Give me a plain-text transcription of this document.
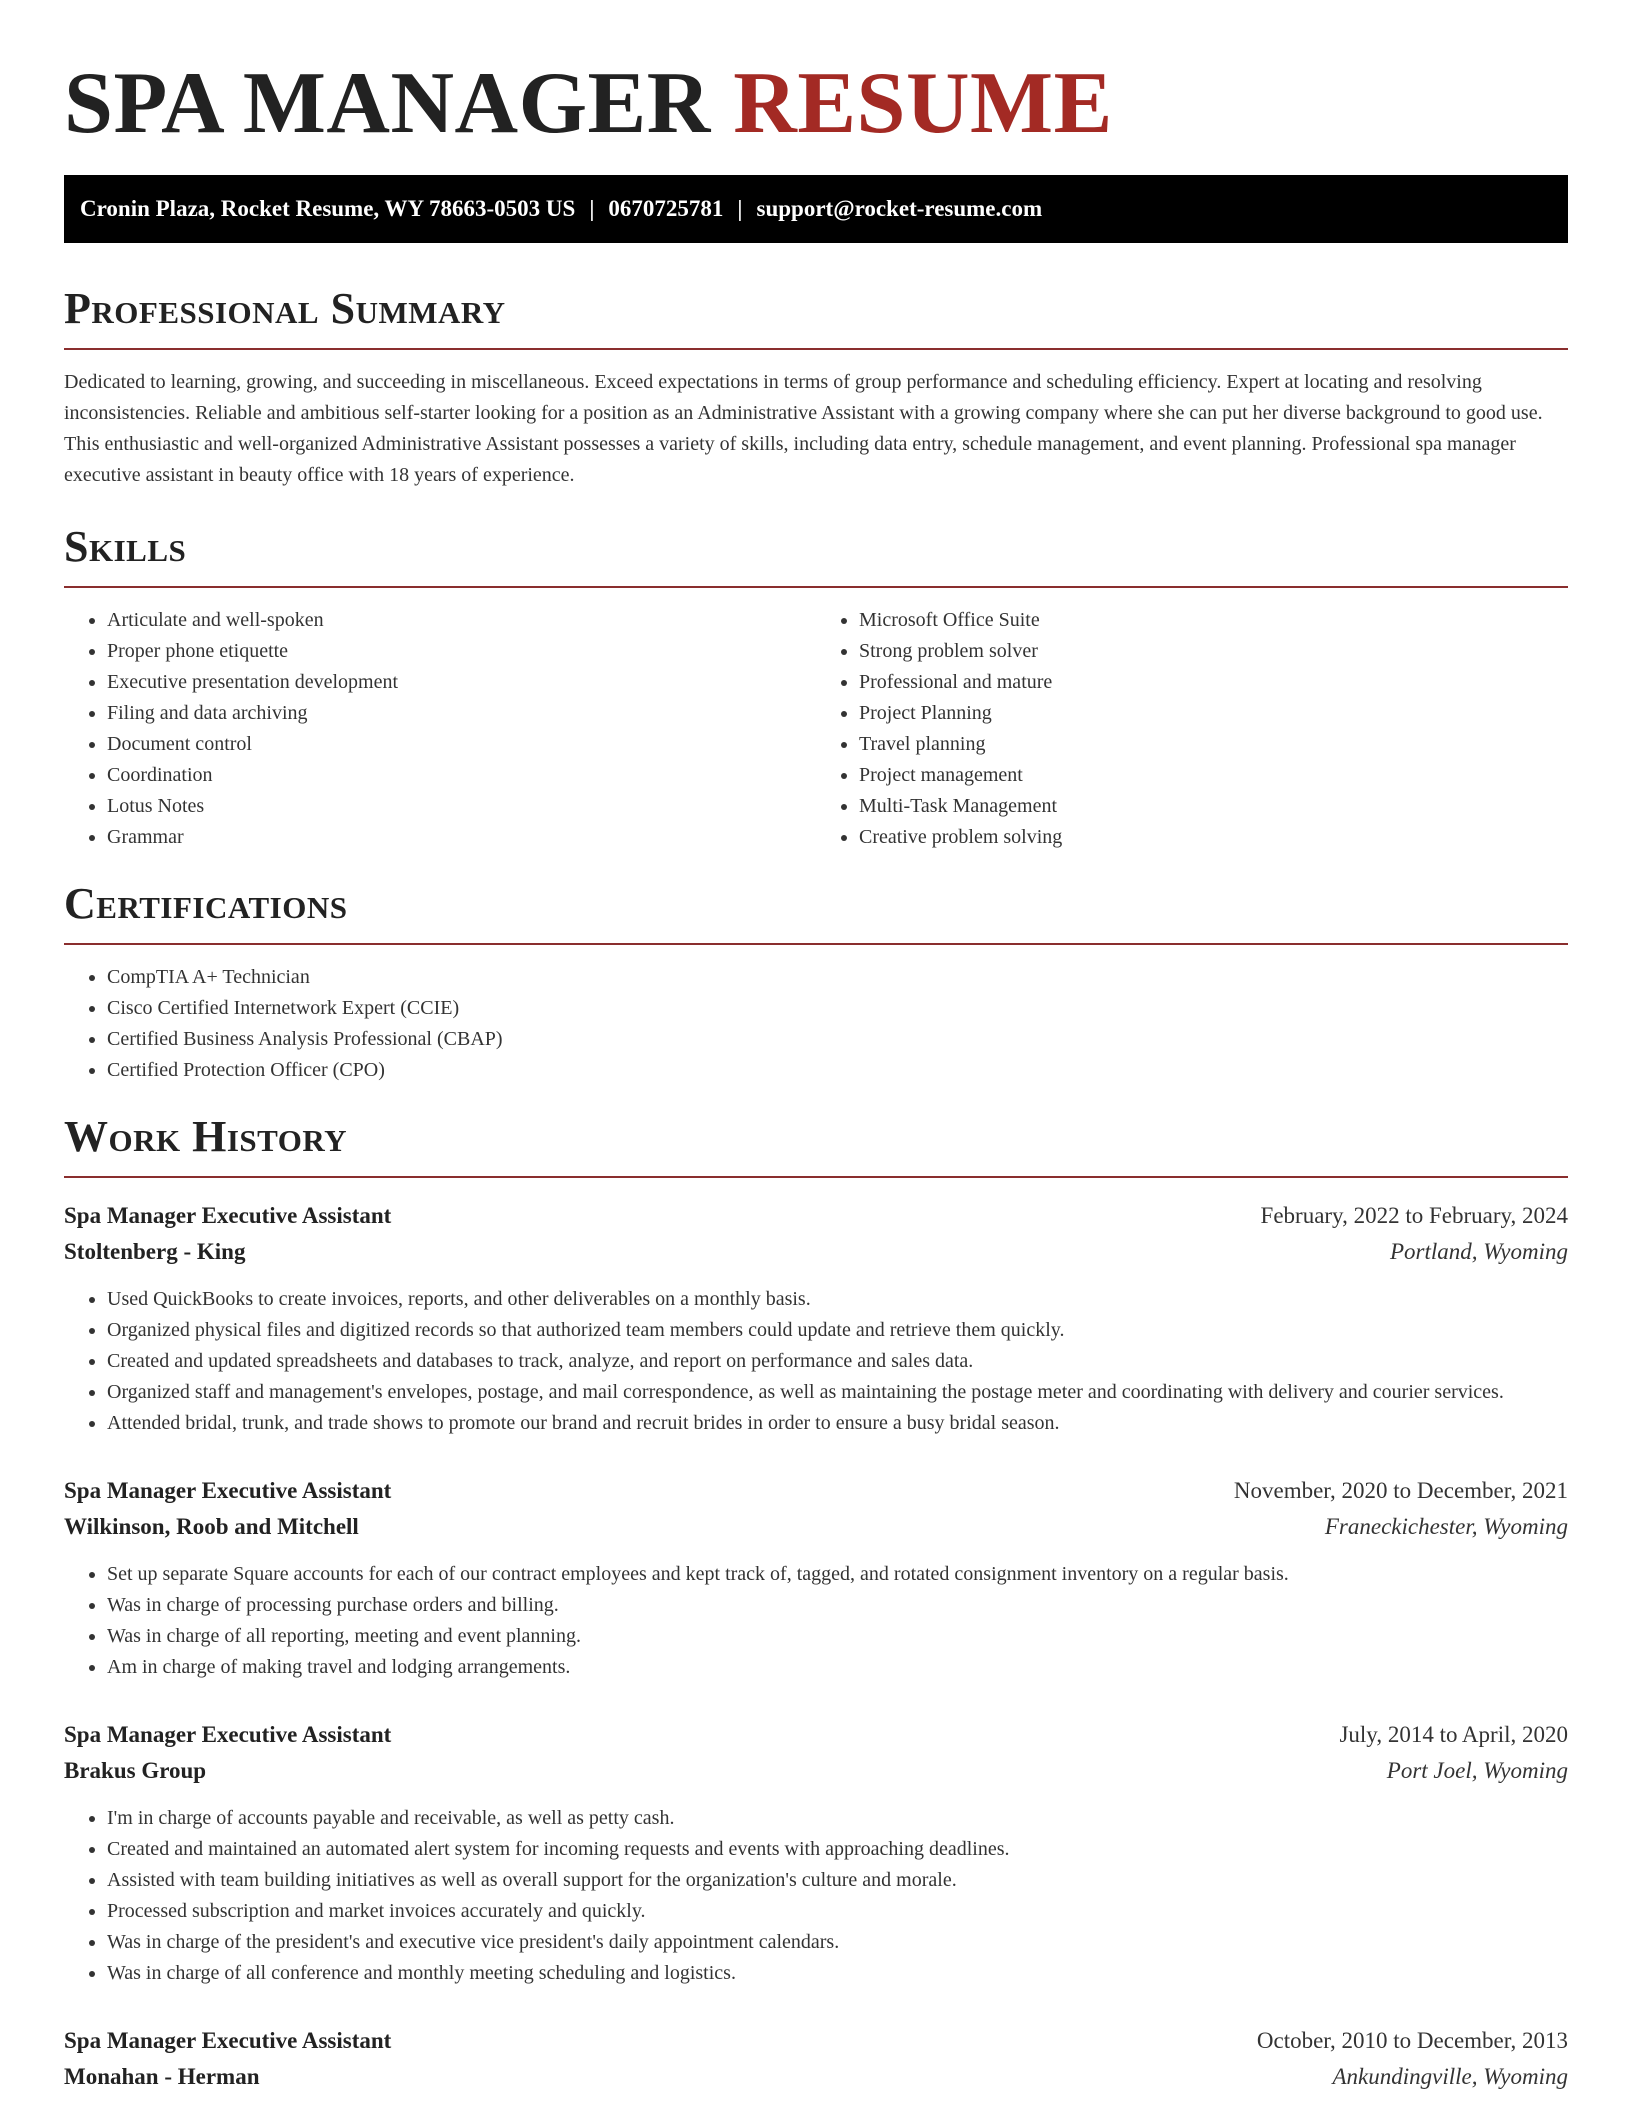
SPA MANAGER RESUME
Cronin Plaza, Rocket Resume, WY 78663-0503 US | 0670725781 | support@rocket-resume.com
Professional Summary

Dedicated to learning, growing, and succeeding in miscellaneous. Exceed expectations in terms of group performance and scheduling efficiency. Expert at locating and resolving inconsistencies. Reliable and ambitious self-starter looking for a position as an Administrative Assistant with a growing company where she can put her diverse background to good use. This enthusiastic and well-organized Administrative Assistant possesses a variety of skills, including data entry, schedule management, and event planning. Professional spa manager executive assistant in beauty office with 18 years of experience.

Skills
• Articulate and well-spoken
• Proper phone etiquette
• Executive presentation development
• Filing and data archiving
• Document control
• Coordination
• Lotus Notes
• Grammar
• Microsoft Office Suite
• Strong problem solver
• Professional and mature
• Project Planning
• Travel planning
• Project management
• Multi-Task Management
• Creative problem solving
Certifications
• CompTIA A+ Technician
• Cisco Certified Internetwork Expert (CCIE)
• Certified Business Analysis Professional (CBAP)
• Certified Protection Officer (CPO)
Work History
Spa Manager Executive Assistant	February, 2022 to February, 2024
Stoltenberg - King	Portland, Wyoming
• Used QuickBooks to create invoices, reports, and other deliverables on a monthly basis.
• Organized physical files and digitized records so that authorized team members could update and retrieve them quickly.
• Created and updated spreadsheets and databases to track, analyze, and report on performance and sales data.
• Organized staff and management's envelopes, postage, and mail correspondence, as well as maintaining the postage meter and coordinating with delivery and courier services.
• Attended bridal, trunk, and trade shows to promote our brand and recruit brides in order to ensure a busy bridal season.
Spa Manager Executive Assistant	November, 2020 to December, 2021
Wilkinson, Roob and Mitchell	Franeckichester, Wyoming
• Set up separate Square accounts for each of our contract employees and kept track of, tagged, and rotated consignment inventory on a regular basis.
• Was in charge of processing purchase orders and billing.
• Was in charge of all reporting, meeting and event planning.
• Am in charge of making travel and lodging arrangements.
Spa Manager Executive Assistant	July, 2014 to April, 2020
Brakus Group	Port Joel, Wyoming
• I'm in charge of accounts payable and receivable, as well as petty cash.
• Created and maintained an automated alert system for incoming requests and events with approaching deadlines.
• Assisted with team building initiatives as well as overall support for the organization's culture and morale.
• Processed subscription and market invoices accurately and quickly.
• Was in charge of the president's and executive vice president's daily appointment calendars.
• Was in charge of all conference and monthly meeting scheduling and logistics.
Spa Manager Executive Assistant	October, 2010 to December, 2013
Monahan - Herman	Ankundingville, Wyoming
